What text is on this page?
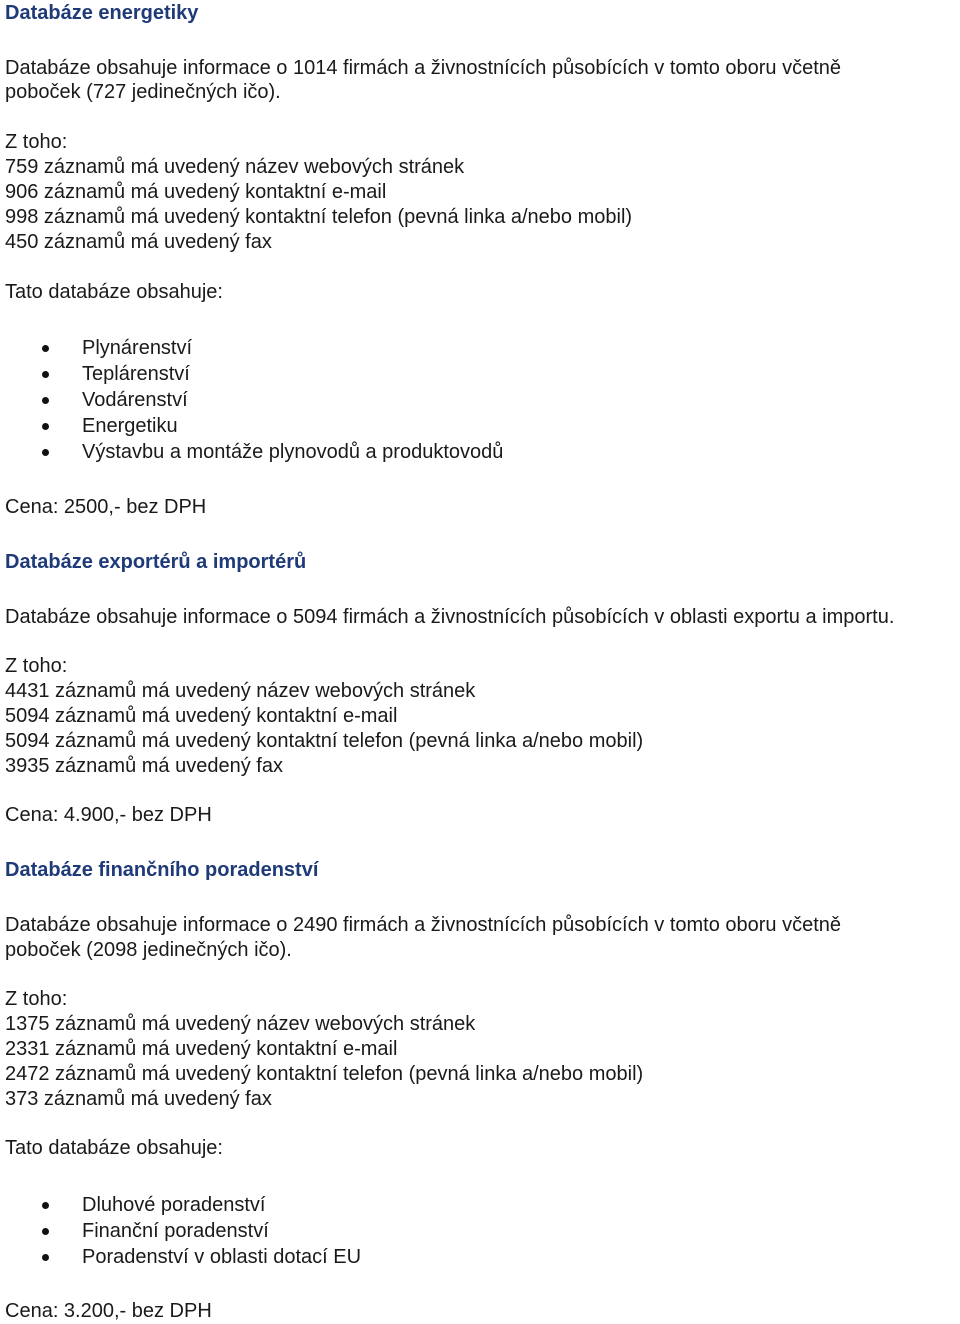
Databáze energetiky
Databáze obsahuje informace o 1014 firmách a živnostnících působících v tomto oboru včetně
poboček (727 jedinečných ičo).
Z toho:
759 záznamů má uvedený název webových stránek
906 záznamů má uvedený kontaktní e-mail
998 záznamů má uvedený kontaktní telefon (pevná linka a/nebo mobil)
450 záznamů má uvedený fax
Tato databáze obsahuje:
Plynárenství
Teplárenství
Vodárenství
Energetiku
Výstavbu a montáže plynovodů a produktovodů
Cena: 2500,- bez DPH
Databáze exportérů a importérů
Databáze obsahuje informace o 5094 firmách a živnostnících působících v oblasti exportu a importu.
Z toho:
4431 záznamů má uvedený název webových stránek
5094 záznamů má uvedený kontaktní e-mail
5094 záznamů má uvedený kontaktní telefon (pevná linka a/nebo mobil)
3935 záznamů má uvedený fax
Cena: 4.900,- bez DPH
Databáze finančního poradenství
Databáze obsahuje informace o 2490 firmách a živnostnících působících v tomto oboru včetně
poboček (2098 jedinečných ičo).
Z toho:
1375 záznamů má uvedený název webových stránek
2331 záznamů má uvedený kontaktní e-mail
2472 záznamů má uvedený kontaktní telefon (pevná linka a/nebo mobil)
373 záznamů má uvedený fax
Tato databáze obsahuje:
Dluhové poradenství
Finanční poradenství
Poradenství v oblasti dotací EU
Cena: 3.200,- bez DPH
